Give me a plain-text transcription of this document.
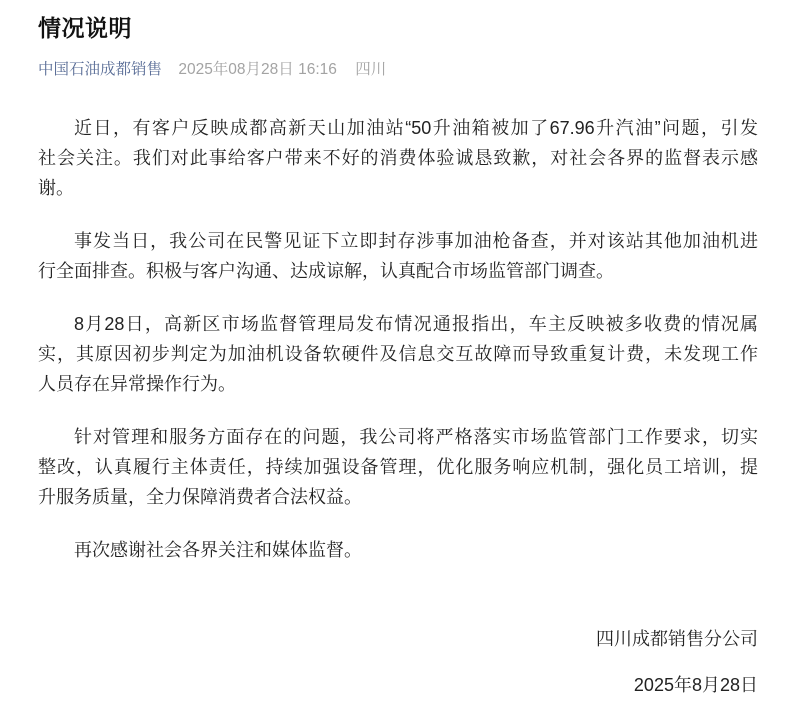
情况说明
中国石油成都销售 2025年08月28日 16:16 四川

近日，有客户反映成都高新天山加油站“50升油箱被加了67.96升汽油”问题，引发
社会关注。我们对此事给客户带来不好的消费体验诚恳致歉，对社会各界的监督表示感
谢。

事发当日，我公司在民警见证下立即封存涉事加油枪备查，并对该站其他加油机进
行全面排查。积极与客户沟通、达成谅解，认真配合市场监管部门调查。

8月28日，高新区市场监督管理局发布情况通报指出，车主反映被多收费的情况属
实，其原因初步判定为加油机设备软硬件及信息交互故障而导致重复计费，未发现工作
人员存在异常操作行为。

针对管理和服务方面存在的问题，我公司将严格落实市场监管部门工作要求，切实
整改，认真履行主体责任，持续加强设备管理，优化服务响应机制，强化员工培训，提
升服务质量，全力保障消费者合法权益。

再次感谢社会各界关注和媒体监督。

四川成都销售分公司
2025年8月28日
